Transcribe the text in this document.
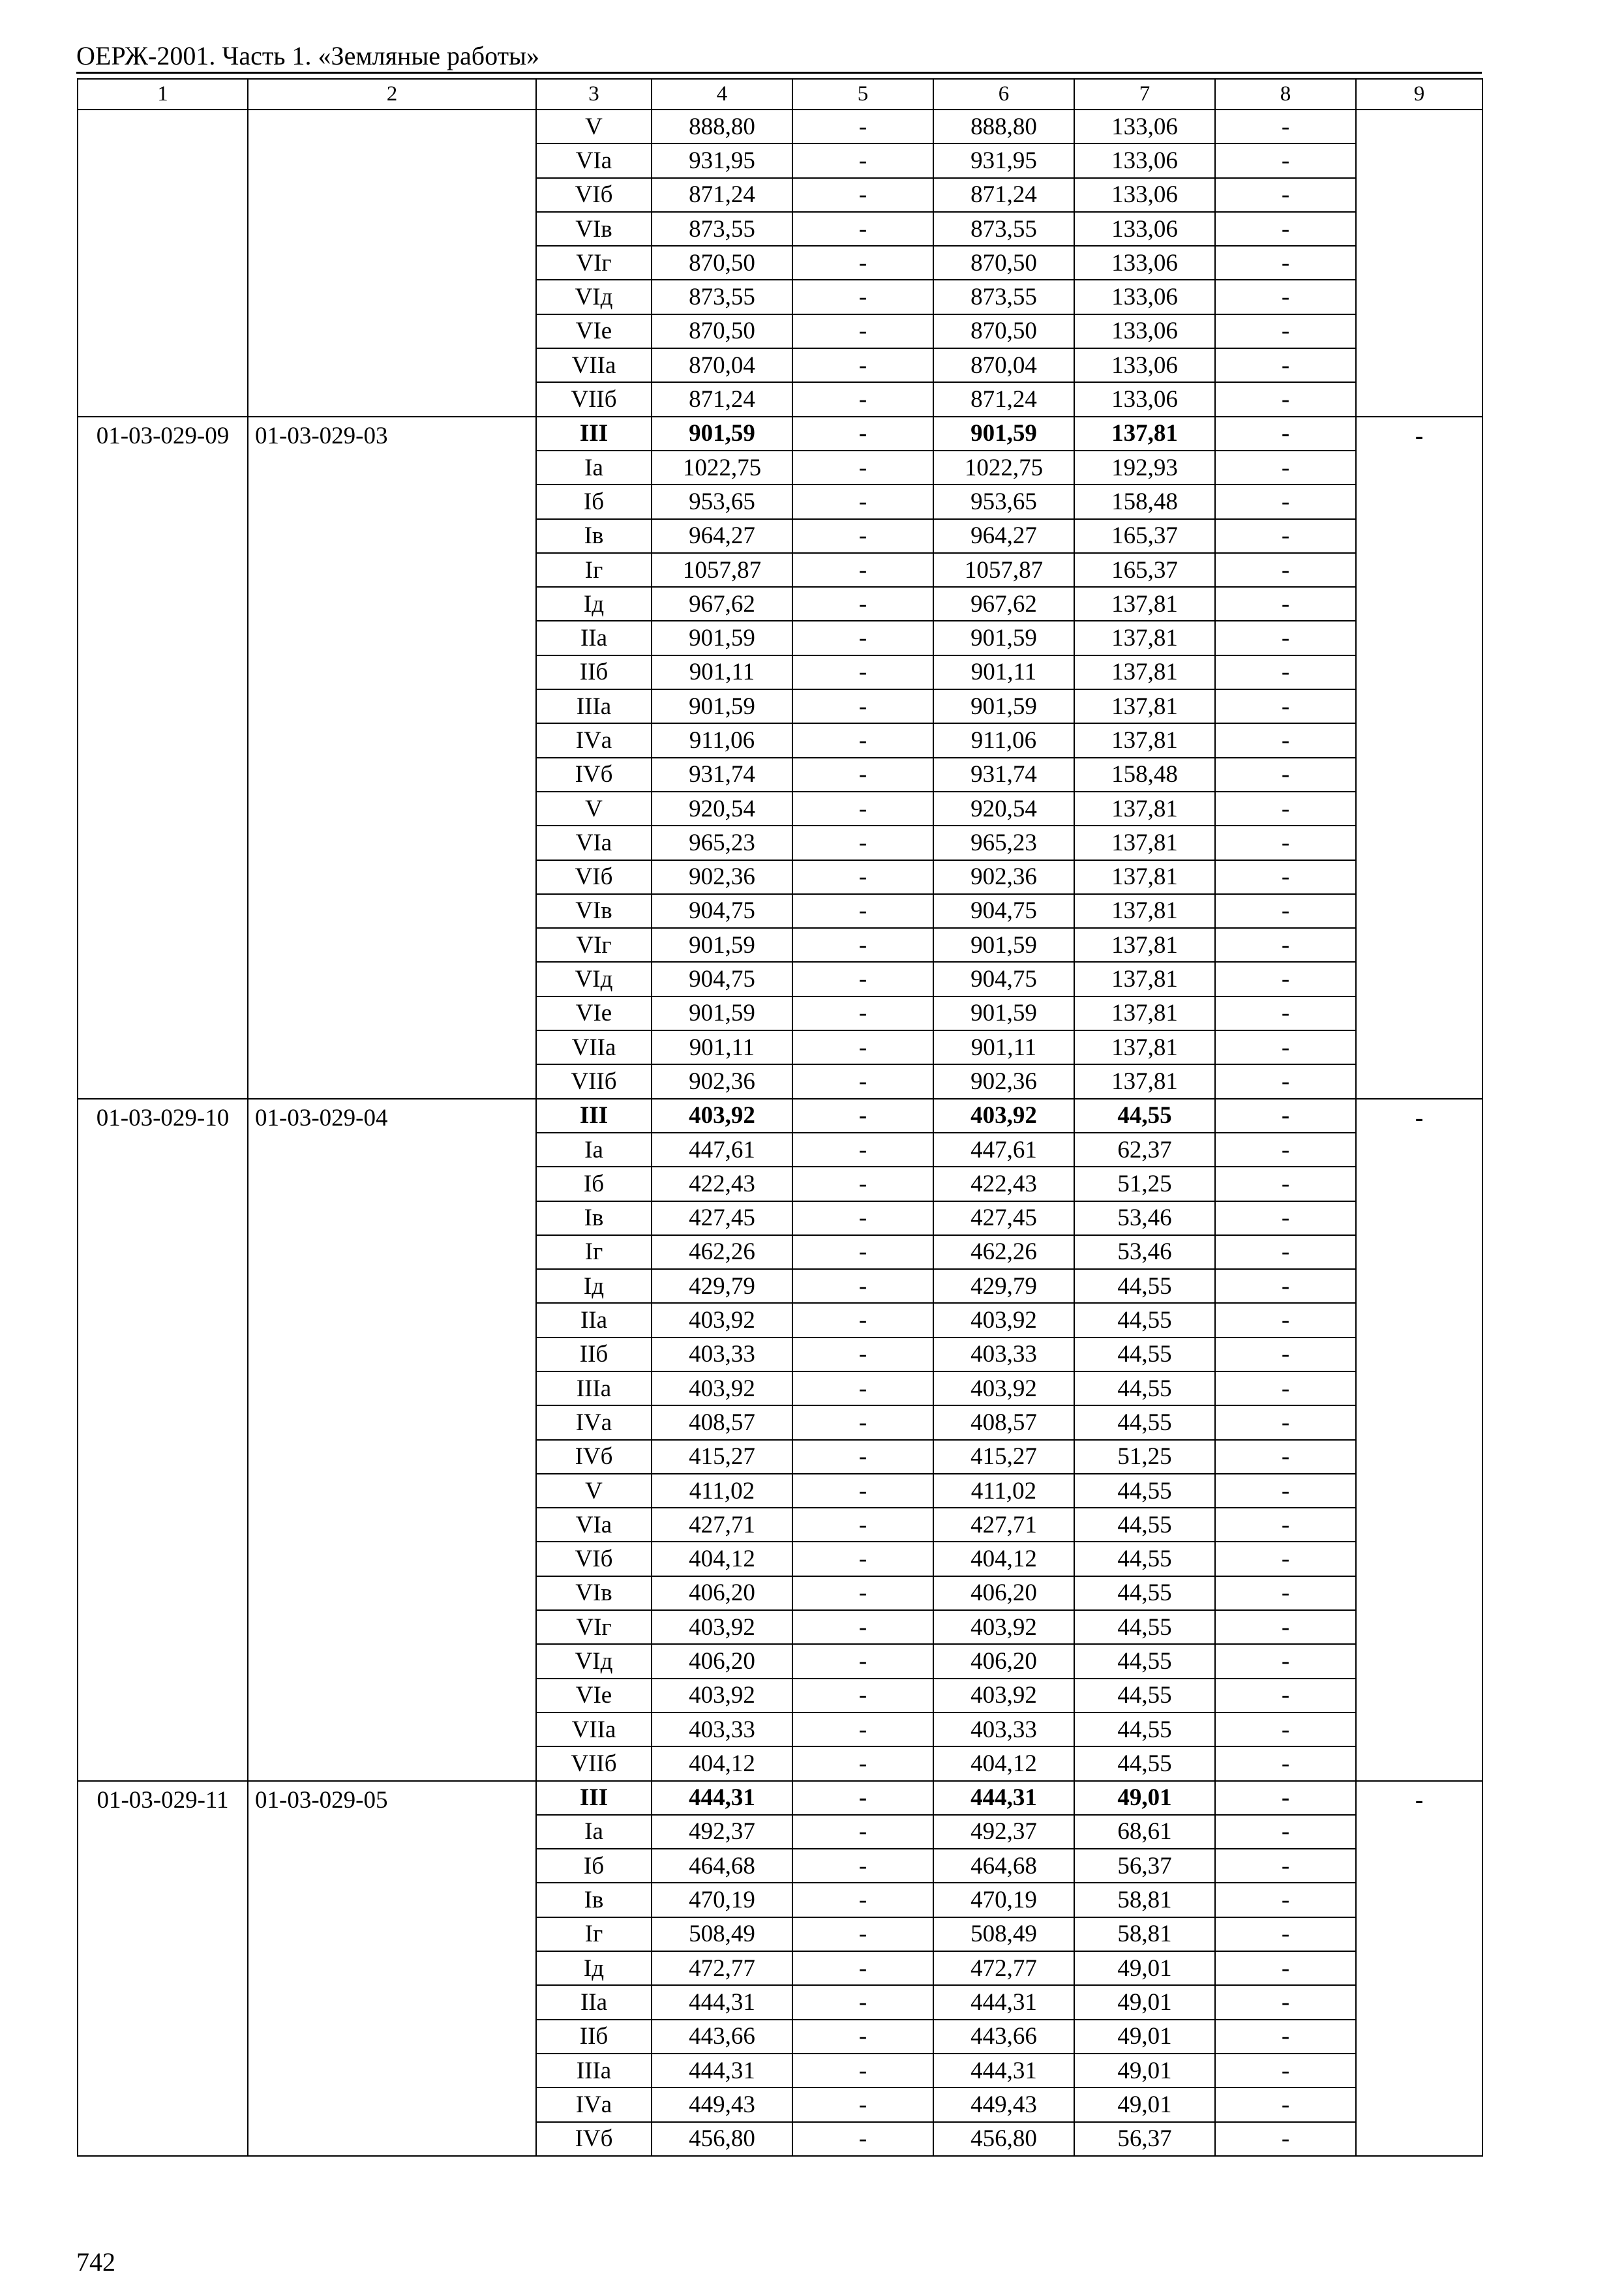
ОЕРЖ-2001. Часть 1. «Земляные работы»
1	2	3	4	5	6	7	8	9
		V	888,80	-	888,80	133,06	-	
		VIа	931,95	-	931,95	133,06	-	
		VIб	871,24	-	871,24	133,06	-	
		VIв	873,55	-	873,55	133,06	-	
		VIг	870,50	-	870,50	133,06	-	
		VIд	873,55	-	873,55	133,06	-	
		VIе	870,50	-	870,50	133,06	-	
		VIIа	870,04	-	870,04	133,06	-	
		VIIб	871,24	-	871,24	133,06	-	
01-03-029-09	01-03-029-03	III	901,59	-	901,59	137,81	-	-
		Iа	1022,75	-	1022,75	192,93	-	
		Iб	953,65	-	953,65	158,48	-	
		Iв	964,27	-	964,27	165,37	-	
		Iг	1057,87	-	1057,87	165,37	-	
		Iд	967,62	-	967,62	137,81	-	
		IIа	901,59	-	901,59	137,81	-	
		IIб	901,11	-	901,11	137,81	-	
		IIIа	901,59	-	901,59	137,81	-	
		IVа	911,06	-	911,06	137,81	-	
		IVб	931,74	-	931,74	158,48	-	
		V	920,54	-	920,54	137,81	-	
		VIа	965,23	-	965,23	137,81	-	
		VIб	902,36	-	902,36	137,81	-	
		VIв	904,75	-	904,75	137,81	-	
		VIг	901,59	-	901,59	137,81	-	
		VIд	904,75	-	904,75	137,81	-	
		VIе	901,59	-	901,59	137,81	-	
		VIIа	901,11	-	901,11	137,81	-	
		VIIб	902,36	-	902,36	137,81	-	
01-03-029-10	01-03-029-04	III	403,92	-	403,92	44,55	-	-
		Iа	447,61	-	447,61	62,37	-	
		Iб	422,43	-	422,43	51,25	-	
		Iв	427,45	-	427,45	53,46	-	
		Iг	462,26	-	462,26	53,46	-	
		Iд	429,79	-	429,79	44,55	-	
		IIа	403,92	-	403,92	44,55	-	
		IIб	403,33	-	403,33	44,55	-	
		IIIа	403,92	-	403,92	44,55	-	
		IVа	408,57	-	408,57	44,55	-	
		IVб	415,27	-	415,27	51,25	-	
		V	411,02	-	411,02	44,55	-	
		VIа	427,71	-	427,71	44,55	-	
		VIб	404,12	-	404,12	44,55	-	
		VIв	406,20	-	406,20	44,55	-	
		VIг	403,92	-	403,92	44,55	-	
		VIд	406,20	-	406,20	44,55	-	
		VIе	403,92	-	403,92	44,55	-	
		VIIа	403,33	-	403,33	44,55	-	
		VIIб	404,12	-	404,12	44,55	-	
01-03-029-11	01-03-029-05	III	444,31	-	444,31	49,01	-	-
		Iа	492,37	-	492,37	68,61	-	
		Iб	464,68	-	464,68	56,37	-	
		Iв	470,19	-	470,19	58,81	-	
		Iг	508,49	-	508,49	58,81	-	
		Iд	472,77	-	472,77	49,01	-	
		IIа	444,31	-	444,31	49,01	-	
		IIб	443,66	-	443,66	49,01	-	
		IIIа	444,31	-	444,31	49,01	-	
		IVа	449,43	-	449,43	49,01	-	
		IVб	456,80	-	456,80	56,37	-	
742
